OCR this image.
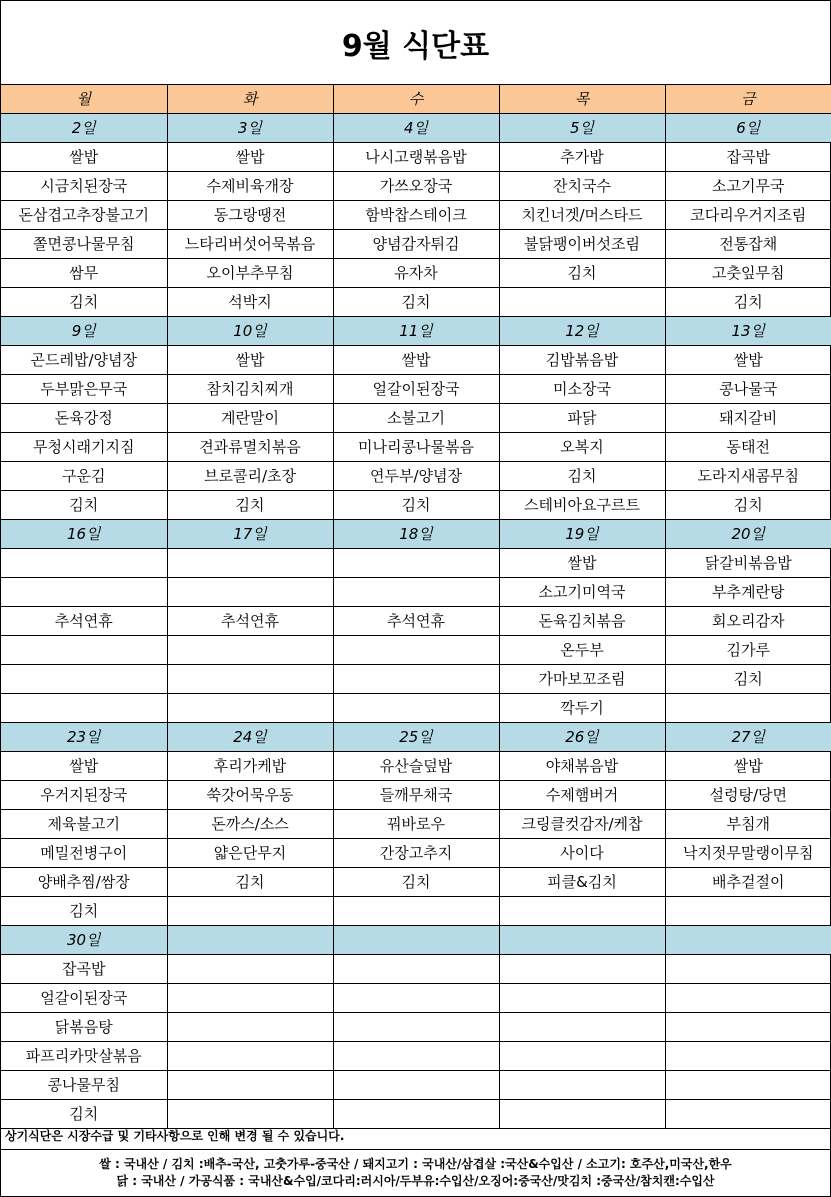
9월 식단표
월	화	수	목	금
2일	3일	4일	5일	6일
쌀밥	쌀밥	나시고랭볶음밥	추가밥	잡곡밥
시금치된장국	수제비육개장	가쓰오장국	잔치국수	소고기무국
돈삼겹고추장불고기	동그랑땡전	함박찹스테이크	치킨너겟/머스타드	코다리우거지조림
쫄면콩나물무침	느타리버섯어묵볶음	양념감자튀김	불닭팽이버섯조림	전통잡채
쌈무	오이부추무침	유자차	김치	고춧잎무침
김치	석박지	김치		김치
9일	10일	11일	12일	13일
곤드레밥/양념장	쌀밥	쌀밥	김밥볶음밥	쌀밥
두부맑은무국	참치김치찌개	얼갈이된장국	미소장국	콩나물국
돈육강정	계란말이	소불고기	파닭	돼지갈비
무청시래기지짐	견과류멸치볶음	미나리콩나물볶음	오복지	동태전
구운김	브로콜리/초장	연두부/양념장	김치	도라지새콤무침
김치	김치	김치	스테비아요구르트	김치
16일	17일	18일	19일	20일
			쌀밥	닭갈비볶음밥
			소고기미역국	부추계란탕
추석연휴	추석연휴	추석연휴	돈육김치볶음	회오리감자
			온두부	김가루
			가마보꼬조림	김치
			깍두기	
23일	24일	25일	26일	27일
쌀밥	후리가케밥	유산슬덮밥	야채볶음밥	쌀밥
우거지된장국	쑥갓어묵우동	들깨무채국	수제햄버거	설렁탕/당면
제육불고기	돈까스/소스	꿔바로우	크링클컷감자/케찹	부침개
메밀전병구이	얇은단무지	간장고추지	사이다	낙지젓무말랭이무침
양배추찜/쌈장	김치	김치	피클&김치	배추겉절이
김치				
30일				
잡곡밥				
얼갈이된장국				
닭볶음탕				
파프리카맛살볶음				
콩나물무침				
김치				
상기식단은 시장수급 및 기타사항으로 인해 변경 될 수 있습니다.
쌀 : 국내산 / 김치 :배추-국산, 고춧가루-중국산 / 돼지고기 : 국내산/삼겹살 :국산&수입산 / 소고기: 호주산,미국산,한우
닭 : 국내산 / 가공식품 : 국내산&수입/코다리:러시아/두부유:수입산/오징어:중국산/맛김치 :중국산/참치캔:수입산
